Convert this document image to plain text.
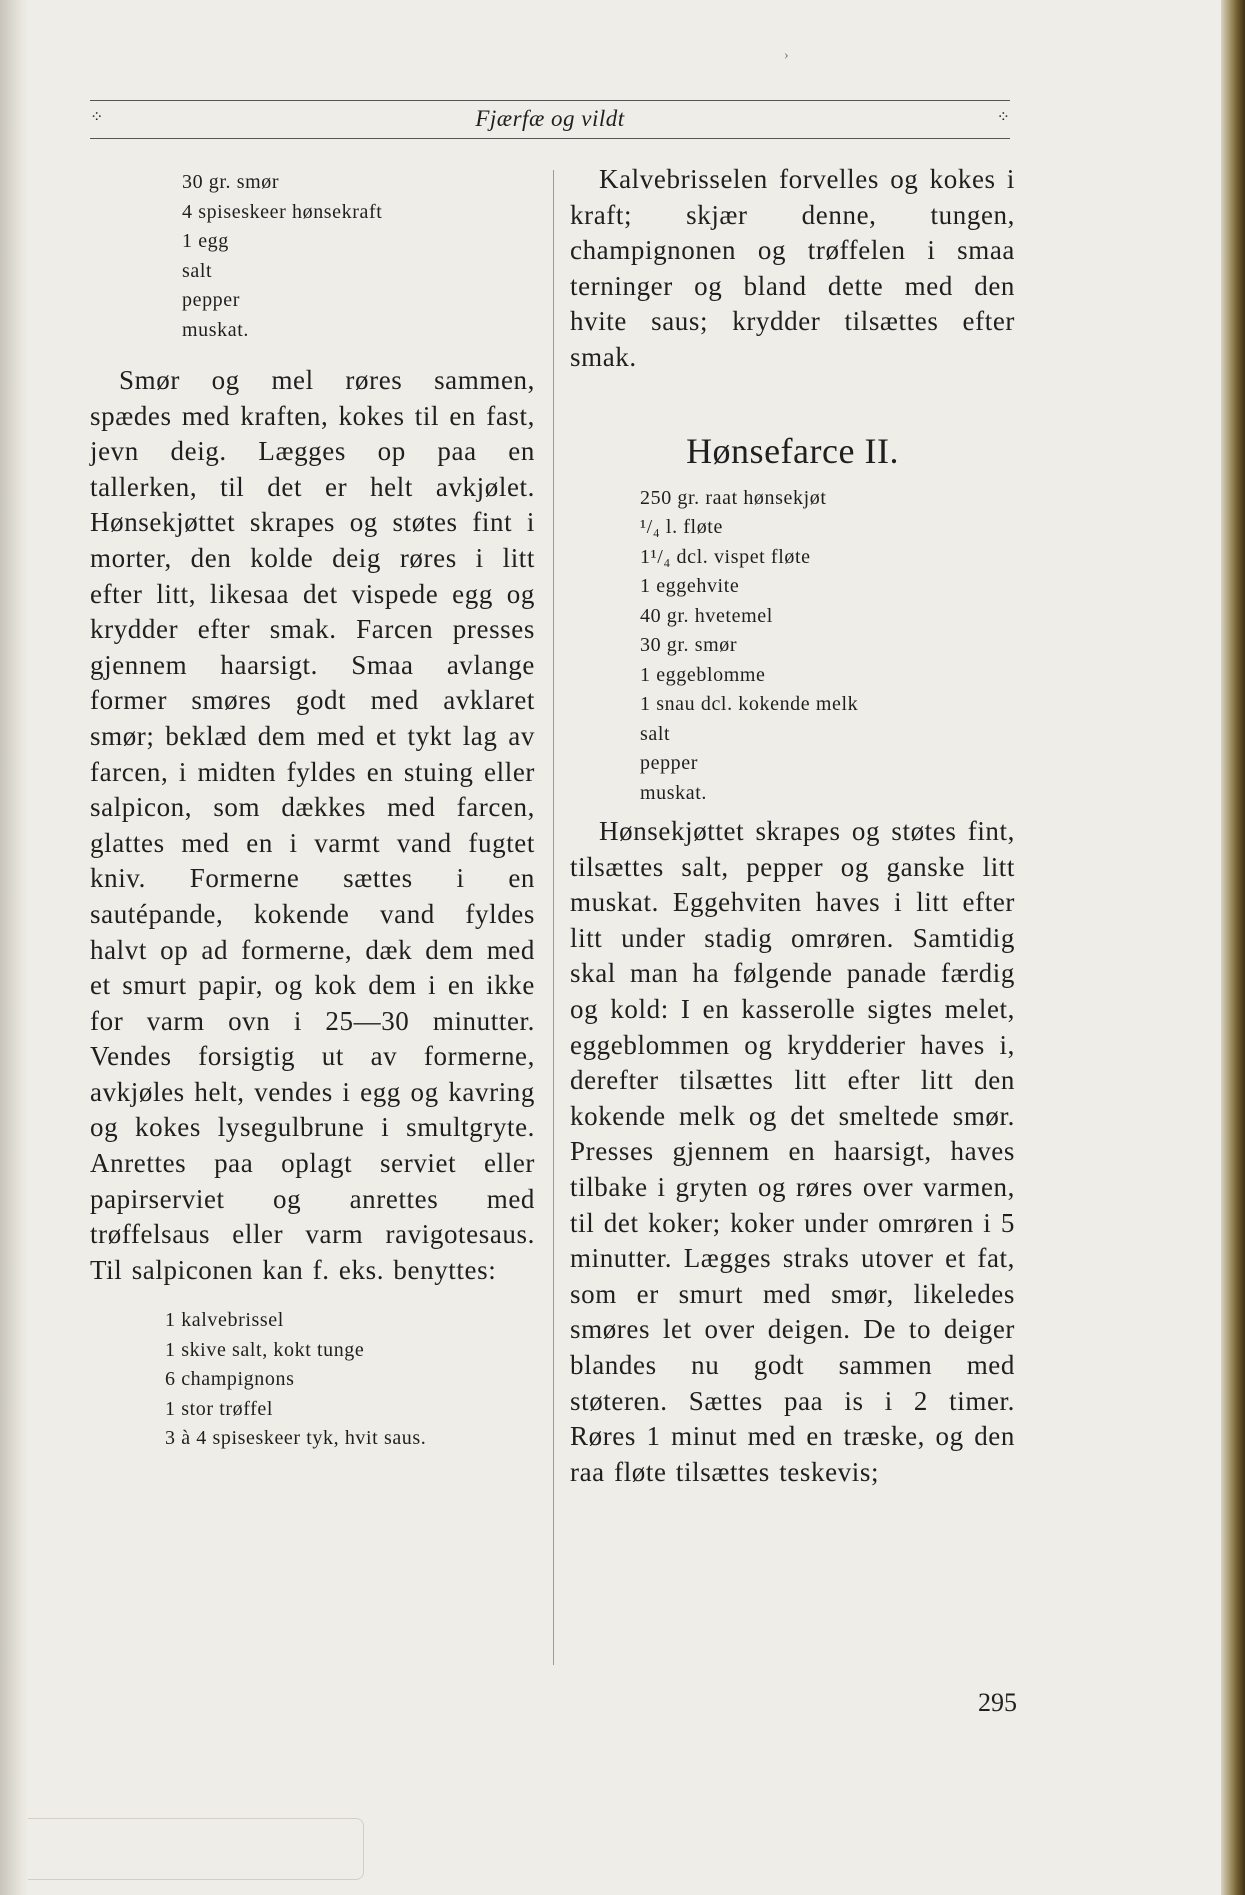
›
⁘	Fjærfæ og vildt	⁘
30 gr. smør
4 spiseskeer hønsekraft
1 egg
salt
pepper
muskat.

Smør og mel røres sammen, spædes med kraften, kokes til en fast, jevn deig. Lægges op paa en tallerken, til det er helt avkjølet. Hønsekjøttet skrapes og støtes fint i morter, den kolde deig røres i litt efter litt, likesaa det vispede egg og krydder efter smak. Farcen presses gjennem haarsigt. Smaa avlange former smøres godt med avklaret smør; beklæd dem med et tykt lag av farcen, i midten fyldes en stuing eller salpicon, som dækkes med farcen, glattes med en i varmt vand fugtet kniv. Formerne sættes i en sautépande, kokende vand fyldes halvt op ad formerne, dæk dem med et smurt papir, og kok dem i en ikke for varm ovn i 25—30 minutter. Vendes forsigtig ut av formerne, avkjøles helt, vendes i egg og kavring og kokes lysegulbrune i smultgryte. Anrettes paa oplagt serviet eller papirserviet og anrettes med trøffelsaus eller varm ravigotesaus. Til salpiconen kan f. eks. benyttes:

1 kalvebrissel
1 skive salt, kokt tunge
6 champignons
1 stor trøffel
3 à 4 spiseskeer tyk, hvit saus.

Kalvebrisselen forvelles og kokes i kraft; skjær denne, tungen, champignonen og trøffelen i smaa terninger og bland dette med den hvite saus; krydder tilsættes efter smak.

Hønsefarce II.
250 gr. raat hønsekjøt
¹/₄ l. fløte
1¹/₄ dcl. vispet fløte
1 eggehvite
40 gr. hvetemel
30 gr. smør
1 eggeblomme
1 snau dcl. kokende melk
salt
pepper
muskat.

Hønsekjøttet skrapes og støtes fint, tilsættes salt, pepper og ganske litt muskat. Eggehviten haves i litt efter litt under stadig omrøren. Samtidig skal man ha følgende panade færdig og kold: I en kasserolle sigtes melet, eggeblommen og krydderier haves i, derefter tilsættes litt efter litt den kokende melk og det smeltede smør. Presses gjennem en haarsigt, haves tilbake i gryten og røres over varmen, til det koker; koker under omrøren i 5 minutter. Lægges straks utover et fat, som er smurt med smør, likeledes smøres let over deigen. De to deiger blandes nu godt sammen med støteren. Sættes paa is i 2 timer. Røres 1 minut med en træske, og den raa fløte tilsættes teskevis;

295
